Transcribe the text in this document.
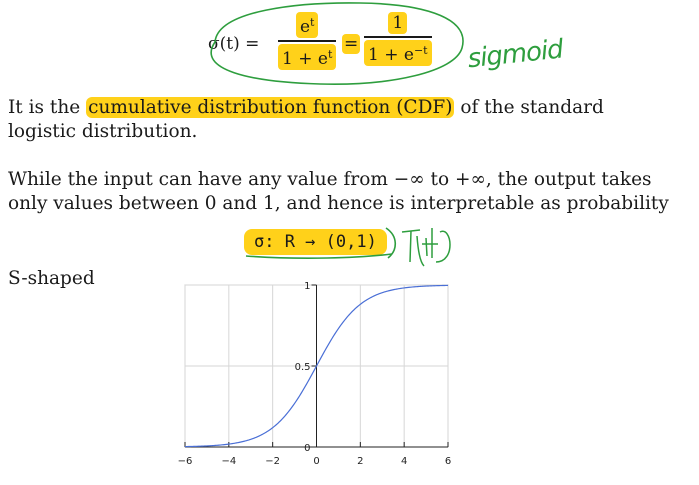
σ(t) =
$e^t$
$1 + e^t$ =
1
$1 + e^{-t}$
It is the cumulative distribution function (CDF) of the standard
logistic distribution.
While the input can have any value from −∞ to +∞, the output takes
only values between 0 and 1, and hence is interpretable as probability
σ: R → (0,1)
S-shaped
−6	−4	−2	0	2	4	6
0
0.5
1
sigmoid
